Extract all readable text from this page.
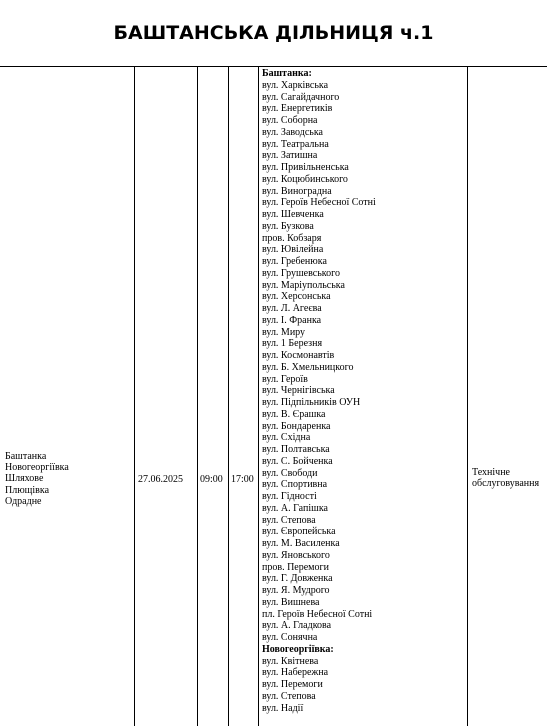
БАШТАНСЬКА ДІЛЬНИЦЯ ч.1
Баштанка
Новогеоргіївка
Шляхове
Плющівка
Одрадне
27.06.2025 09:00 17:00
Технічне обслуговування
Баштанка:
вул. Харківська
вул. Сагайдачного
вул. Енергетиків
вул. Соборна
вул. Заводська
вул. Театральна
вул. Затишна
вул. Привільненська
вул. Коцюбинського
вул. Виноградна
вул. Героїв Небесної Сотні
вул. Шевченка
вул. Бузкова
пров. Кобзаря
вул. Ювілейна
вул. Гребенюка
вул. Грушевського
вул. Маріупольська
вул. Херсонська
вул. Л. Агеєва
вул. І. Франка
вул. Миру
вул. 1 Березня
вул. Космонавтів
вул. Б. Хмельницкого
вул. Героїв
вул. Чернігівська
вул. Підпільників ОУН
вул. В. Єрашка
вул. Бондаренка
вул. Східна
вул. Полтавська
вул. С. Бойченка
вул. Свободи
вул. Спортивна
вул. Гідності
вул. А. Гапішка
вул. Степова
вул. Європейська
вул. М. Василенка
вул. Яновського
пров. Перемоги
вул. Г. Довженка
вул. Я. Мудрого
вул. Вишнева
пл. Героїв Небесної Сотні
вул. А. Гладкова
вул. Сонячна
Новогеоргіївка:
вул. Квітнева
вул. Набережна
вул. Перемоги
вул. Степова
вул. Надії
